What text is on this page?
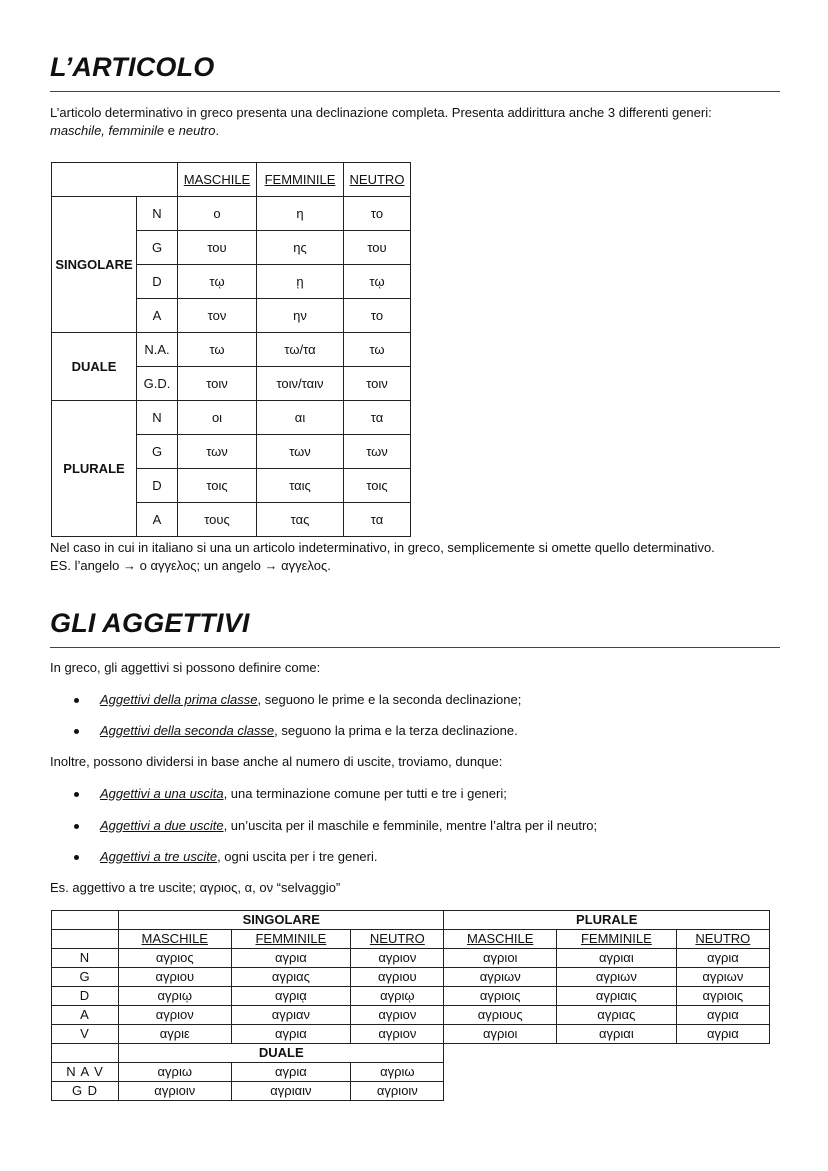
L’ARTICOLO
L’articolo determinativo in greco presenta una declinazione completa. Presenta addirittura anche 3 differenti generi:
maschile, femminile e neutro.
		MASCHILE	FEMMINILE	NEUTRO
SINGOLARE	N	ο	η	το
	G	του	ης	του
	D	τῳ	ῃ	τῳ
	A	τον	ην	το
DUALE	N.A.	τω	τω/τα	τω
	G.D.	τοιν	τοιν/ταιν	τοιν
PLURALE	N	οι	αι	τα
	G	των	των	των
	D	τοις	ταις	τοις
	A	τους	τας	τα
Nel caso in cui in italiano si una un articolo indeterminativo, in greco, semplicemente si omette quello determinativo.
ES. l’angelo → ο αγγελος; un angelo → αγγελος.
GLI AGGETTIVI
In greco, gli aggettivi si possono definire come:
Aggettivi della prima classe, seguono le prime e la seconda declinazione;
Aggettivi della seconda classe, seguono la prima e la terza declinazione.
Inoltre, possono dividersi in base anche al numero di uscite, troviamo, dunque:
Aggettivi a una uscita, una terminazione comune per tutti e tre i generi;
Aggettivi a due uscite, un’uscita per il maschile e femminile, mentre l’altra per il neutro;
Aggettivi a tre uscite, ogni uscita per i tre generi.
Es. aggettivo a tre uscite; αγριος, α, ον “selvaggio”
	SINGOLARE			PLURALE		
	MASCHILE	FEMMINILE	NEUTRO	MASCHILE	FEMMINILE	NEUTRO
N	αγριος	αγρια	αγριον	αγριοι	αγριαι	αγρια
G	αγριου	αγριας	αγριου	αγριων	αγριων	αγριων
D	αγριῳ	αγριᾳ	αγριῳ	αγριοις	αγριαις	αγριοις
A	αγριον	αγριαν	αγριον	αγριους	αγριας	αγρια
V	αγριε	αγρια	αγριον	αγριοι	αγριαι	αγρια
	DUALE					
N A V	αγριω	αγρια	αγριω			
G D	αγριοιν	αγριαιν	αγριοιν			
